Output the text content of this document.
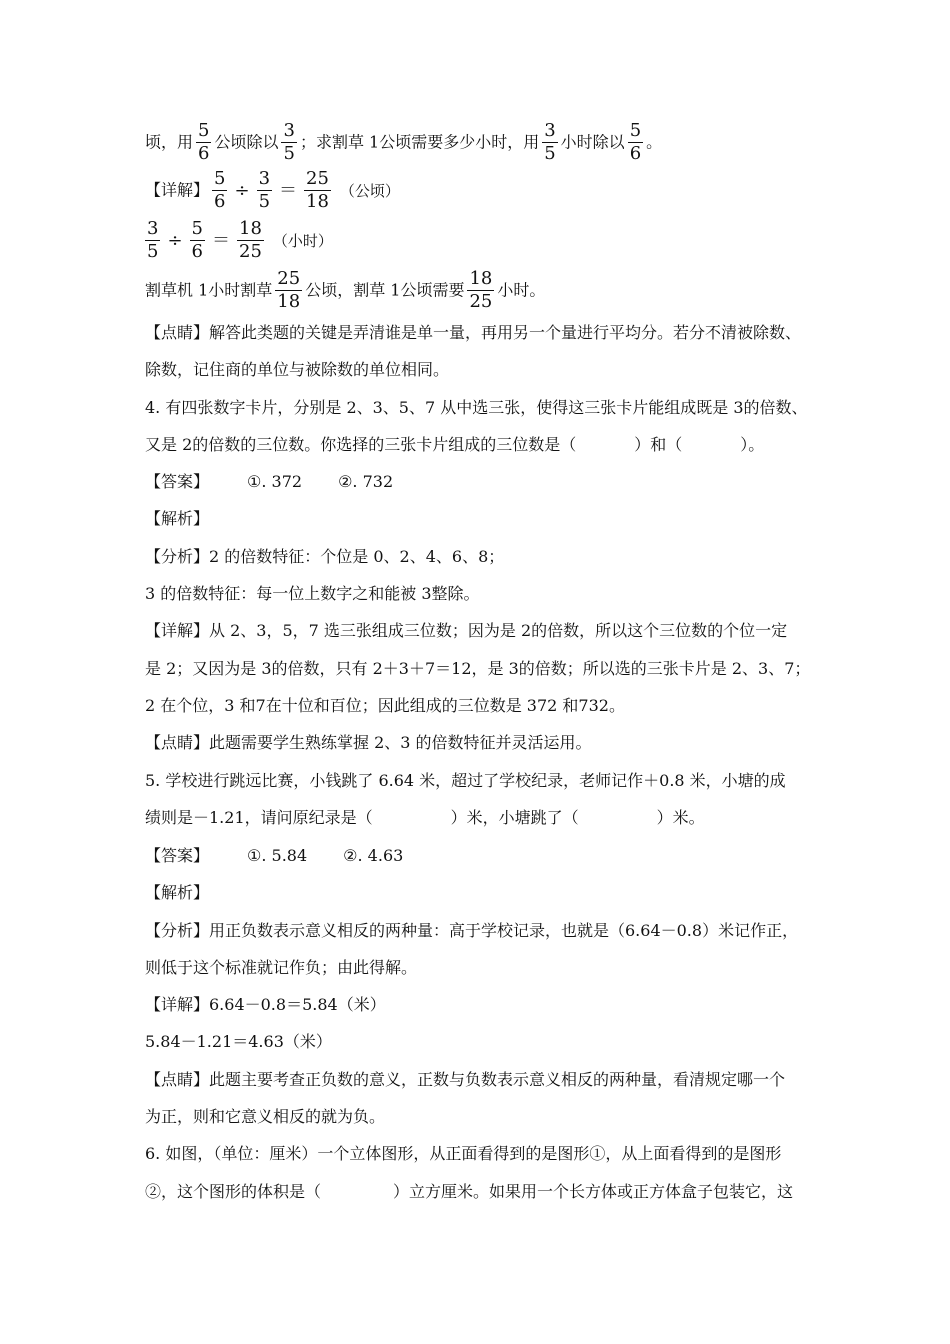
顷，用 $\frac{5}{6}$ 公顷除以 $\frac{3}{5}$ ；求割草 1公顷需要多少小时，用 $\frac{3}{5}$ 小时除以 $\frac{5}{6}$ 。
【详解】 $\frac{5}{6} \div \frac{3}{5} = \frac{25}{18}$ （公顷）
$\frac{3}{5} \div \frac{5}{6} = \frac{18}{25}$ （小时）
割草机 1小时割草 $\frac{25}{18}$ 公顷，割草 1公顷需要 $\frac{18}{25}$ 小时。
【点睛】解答此类题的关键是弄清谁是单一量，再用另一个量进行平均分。若分不清被除数、
除数，记住商的单位与被除数的单位相同。
4. 有四张数字卡片，分别是 2、3、5、7 从中选三张，使得这三张卡片能组成既是 3的倍数、
又是 2的倍数的三位数。你选择的三张卡片组成的三位数是（	）和（	）。
【答案】 ①. 372 ②. 732
【解析】
【分析】2 的倍数特征：个位是 0、2、4、6、8；
3 的倍数特征：每一位上数字之和能被 3整除。
【详解】从 2、3，5，7 选三张组成三位数；因为是 2的倍数，所以这个三位数的个位一定
是 2；又因为是 3的倍数，只有 2＋3＋7＝12，是 3的倍数；所以选的三张卡片是 2、3、7；
2 在个位，3 和7在十位和百位；因此组成的三位数是 372 和732。
【点睛】此题需要学生熟练掌握 2、3 的倍数特征并灵活运用。
5. 学校进行跳远比赛，小钱跳了 6.64 米，超过了学校纪录，老师记作＋0.8 米，小塘的成
绩则是－1.21，请问原纪录是（	）米，小塘跳了（	）米。
【答案】 ①. 5.84 ②. 4.63
【解析】
【分析】用正负数表示意义相反的两种量：高于学校记录，也就是（6.64－0.8）米记作正，
则低于这个标准就记作负；由此得解。
【详解】6.64－0.8＝5.84（米）
5.84－1.21＝4.63（米）
【点睛】此题主要考查正负数的意义，正数与负数表示意义相反的两种量，看清规定哪一个
为正，则和它意义相反的就为负。
6. 如图，（单位：厘米）一个立体图形，从正面看得到的是图形①，从上面看得到的是图形
②，这个图形的体积是（	）立方厘米。如果用一个长方体或正方体盒子包装它，这
